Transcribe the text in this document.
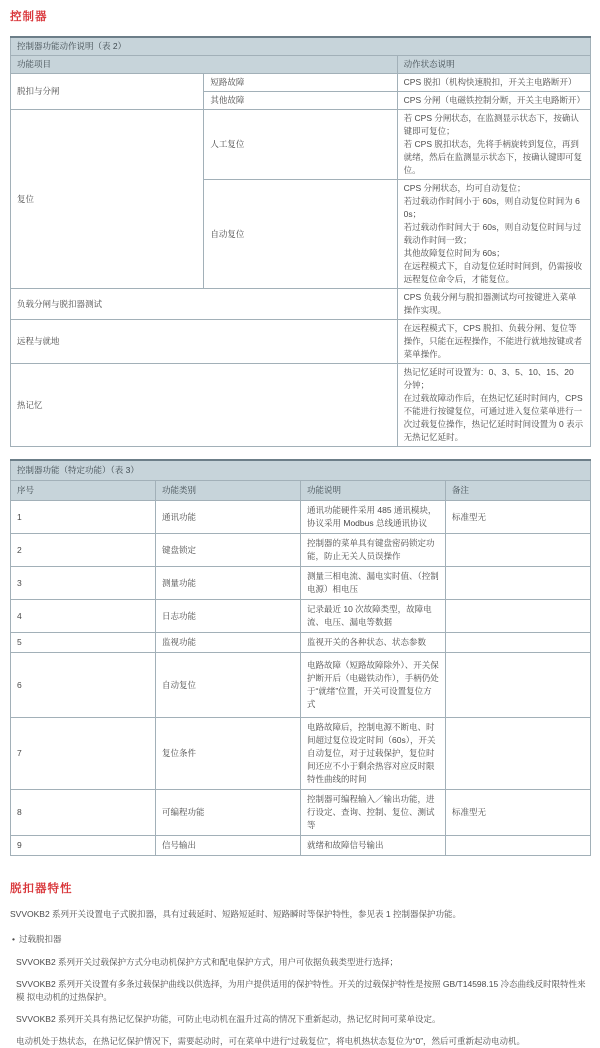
控制器
控制器功能动作说明（表 2）		
功能项目		动作状态说明
脱扣与分闸	短路故障	CPS 脱扣（机构快速脱扣，开关主电路断开）
	其他故障	CPS 分闸（电磁铁控制分断，开关主电路断开）
复位	人工复位	若 CPS 分闸状态，在监测显示状态下，按确认键即可复位；
若 CPS 脱扣状态，先将手柄旋转到复位，再到就绪，然后在监测显示状态下，按确认键即可复位。

	自动复位	CPS 分闸状态，均可自动复位；
若过载动作时间小于 60s，则自动复位时间为 60s；
若过载动作时间大于 60s，则自动复位时间与过载动作时间一致；
其他故障复位时间为 60s；
在远程模式下，自动复位延时时间到，仍需接收远程复位命令后，才能复位。

负载分闸与脱扣器测试		CPS 负载分闸与脱扣器测试均可按键进入菜单操作实现。
远程与就地		在远程模式下，CPS 脱扣、负载分闸、复位等操作，只能在远程操作，不能进行就地按键或者菜单操作。
热记忆		热记忆延时可设置为：0、3、5、10、15、20 分钟；
在过载故障动作后，在热记忆延时时间内，CPS 不能进行按键复位，可通过进入复位菜单进行一次过载复位操作，热记忆延时时间设置为 0 表示无热记忆延时。
控制器功能（特定功能）（表 3）			
序号	功能类别	功能说明	备注
1	通讯功能	通讯功能硬件采用 485 通讯模块，协议采用 Modbus 总线通讯协议	标准型无
2	键盘锁定	控制器的菜单具有键盘密码锁定功能，防止无关人员误操作	
3	测量功能	测量三相电流、漏电实时值、（控制电源）相电压	
4	日志功能	记录最近 10 次故障类型，故障电流、电压、漏电等数据	
5	监视功能	监视开关的各种状态、状态参数	
6	自动复位	电路故障（短路故障除外）、开关保护断开后（电磁铁动作），手柄仍处于“就绪”位置，开关可设置复位方式	
7	复位条件	电路故障后，控制电源不断电、时间超过复位设定时间（60s），开关自动复位，对于过载保护，复位时间还应不小于剩余热容对应反时限特性曲线的时间	
8	可编程功能	控制器可编程输入／输出功能，进行设定、查询、控制、复位、测试等	标准型无
9	信号输出	就绪和故障信号输出	
脱扣器特性
SVVOKB2 系列开关设置电子式脱扣器，具有过载延时、短路短延时、短路瞬时等保护特性，参见表 1 控制器保护功能。
• 过载脱扣器
SVVOKB2 系列开关过载保护方式分电动机保护方式和配电保护方式，用户可依据负载类型进行选择；
SVVOKB2 系列开关设置有多条过载保护曲线以供选择，为用户提供适用的保护特性。开关的过载保护特性是按照 GB/T14598.15 冷态曲线反时限特性来模 拟电动机的过热保护。
SVVOKB2 系列开关具有热记忆保护功能，可防止电动机在温升过高的情况下重新起动，热记忆时间可菜单设定。
电动机处于热状态，在热记忆保护情况下，需要起动时，可在菜单中进行“过载复位”，将电机热状态复位为“0”，然后可重新起动电动机。
